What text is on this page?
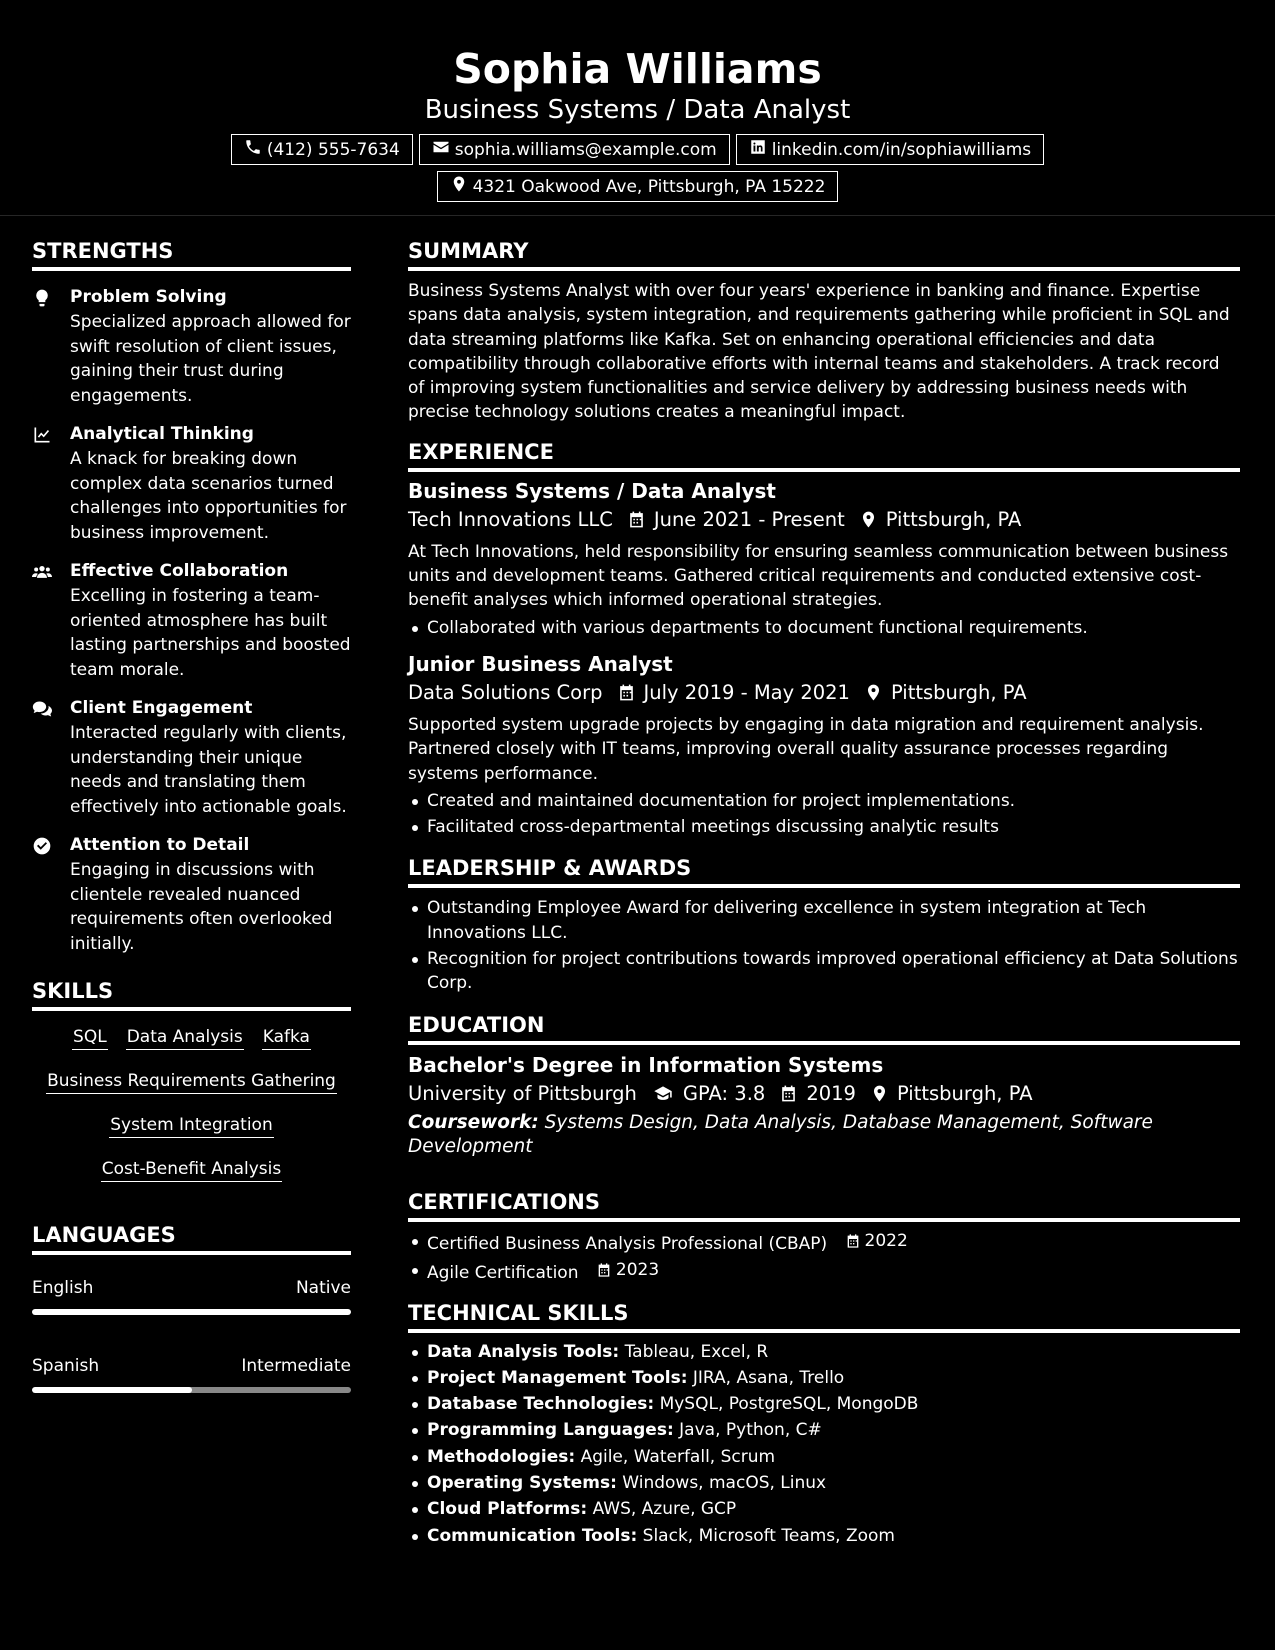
Sophia Williams
Business Systems / Data Analyst
(412) 555-7634	sophia.williams@example.com	linkedin.com/in/sophiawilliams
4321 Oakwood Ave, Pittsburgh, PA 15222
STRENGTHS
Problem Solving
Specialized approach allowed for swift resolution of client issues, gaining their trust during engagements.
Analytical Thinking
A knack for breaking down complex data scenarios turned challenges into opportunities for business improvement.
Effective Collaboration
Excelling in fostering a team-oriented atmosphere has built lasting partnerships and boosted team morale.
Client Engagement
Interacted regularly with clients, understanding their unique needs and translating them effectively into actionable goals.
Attention to Detail
Engaging in discussions with clientele revealed nuanced requirements often overlooked initially.
SKILLS
SQL Data Analysis Kafka
Business Requirements Gathering
System Integration
Cost-Benefit Analysis
LANGUAGES
English	Native
Spanish	Intermediate
SUMMARY
Business Systems Analyst with over four years' experience in banking and finance. Expertise spans data analysis, system integration, and requirements gathering while proficient in SQL and data streaming platforms like Kafka. Set on enhancing operational efficiencies and data compatibility through collaborative efforts with internal teams and stakeholders. A track record of improving system functionalities and service delivery by addressing business needs with precise technology solutions creates a meaningful impact.
EXPERIENCE
Business Systems / Data Analyst
Tech Innovations LLC June 2021 - Present Pittsburgh, PA
At Tech Innovations, held responsibility for ensuring seamless communication between business units and development teams. Gathered critical requirements and conducted extensive cost-benefit analyses which informed operational strategies.
Collaborated with various departments to document functional requirements.
Junior Business Analyst
Data Solutions Corp July 2019 - May 2021 Pittsburgh, PA
Supported system upgrade projects by engaging in data migration and requirement analysis. Partnered closely with IT teams, improving overall quality assurance processes regarding systems performance.
Created and maintained documentation for project implementations.
Facilitated cross-departmental meetings discussing analytic results
LEADERSHIP & AWARDS
Outstanding Employee Award for delivering excellence in system integration at Tech Innovations LLC.
Recognition for project contributions towards improved operational efficiency at Data Solutions Corp.
EDUCATION
Bachelor's Degree in Information Systems
University of Pittsburgh GPA: 3.8 2019 Pittsburgh, PA
Coursework: Systems Design, Data Analysis, Database Management, Software Development
CERTIFICATIONS
Certified Business Analysis Professional (CBAP) 2022
Agile Certification 2023
TECHNICAL SKILLS
Data Analysis Tools: Tableau, Excel, R
Project Management Tools: JIRA, Asana, Trello
Database Technologies: MySQL, PostgreSQL, MongoDB
Programming Languages: Java, Python, C#
Methodologies: Agile, Waterfall, Scrum
Operating Systems: Windows, macOS, Linux
Cloud Platforms: AWS, Azure, GCP
Communication Tools: Slack, Microsoft Teams, Zoom
